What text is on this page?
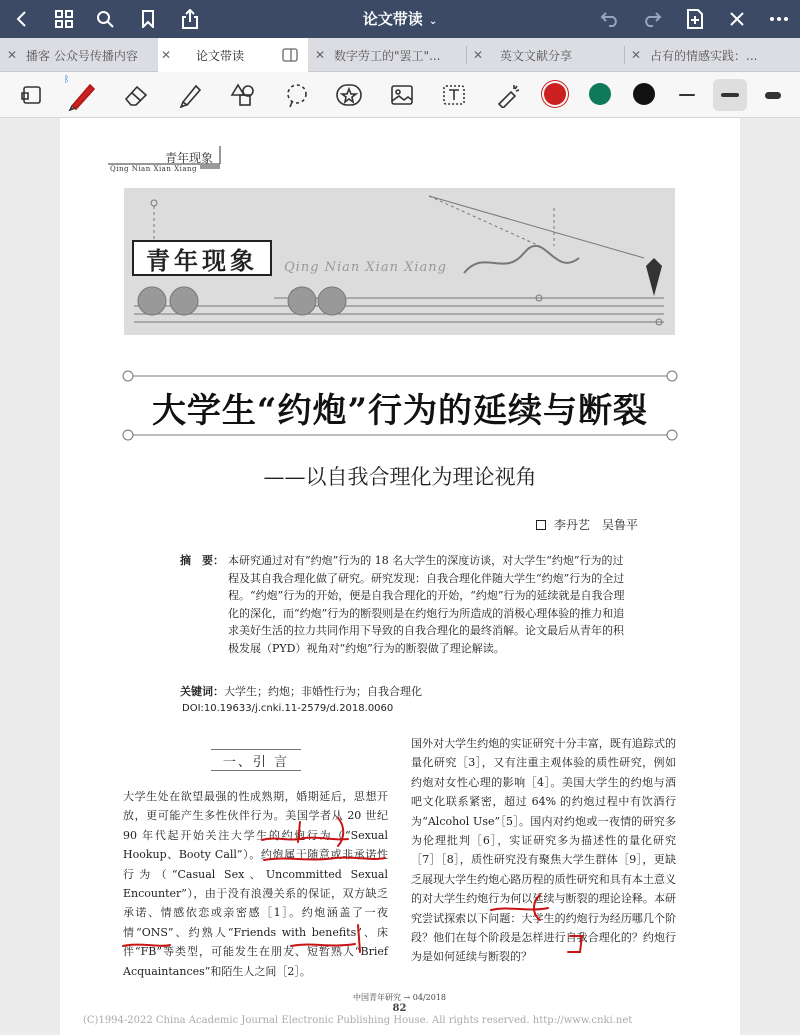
论文带读 ⌄
✕ 播客 公众号传播内容 ✕ 论文带读	✕ 数字劳工的"罢工"...	✕ 英文文献分享	✕ 占有的情感实践：...
ᛒ
青年现象
Qing Nian Xian Xiang
青年现象	Qing Nian Xian Xiang
大学生“约炮”行为的延续与断裂
——以自我合理化为理论视角
李丹艺　吴鲁平
摘　要： 本研究通过对有“约炮”行为的 18 名大学生的深度访谈，对大学生“约炮”行为的过程及其自我合理化做了研究。研究发现：自我合理化伴随大学生“约炮”行为的全过程。“约炮”行为的开始，便是自我合理化的开始，“约炮”行为的延续就是自我合理化的深化，而“约炮”行为的断裂则是在约炮行为所造成的消极心理体验的推力和追求美好生活的拉力共同作用下导致的自我合理化的最终消解。论文最后从青年的积极发展（PYD）视角对“约炮”行为的断裂做了理论解读。
关键词：大学生；约炮；非婚性行为；自我合理化
DOI:10.19633/j.cnki.11-2579/d.2018.0060
一、引 言
大学生处在欲望最强的性成熟期，婚期延后，思想开放，更可能产生多性伙伴行为。美国学者从 20 世纪 90 年代起开始关注大学生的约炮行为（“Sexual Hookup、Booty Call”）。约炮属于随意或非承诺性行为（“Casual Sex、Uncommitted Sexual Encounter”），由于没有浪漫关系的保证，双方缺乏承诺、情感依恋或亲密感［1］。约炮涵盖了一夜情“ONS”、约熟人“Friends with benefits”、床伴“FB”等类型，可能发生在朋友、短暂熟人“Brief Acquaintances”和陌生人之间［2］。
国外对大学生约炮的实证研究十分丰富，既有追踪式的量化研究［3］，又有注重主观体验的质性研究，例如约炮对女性心理的影响［4］。美国大学生的约炮与酒吧文化联系紧密，超过 64% 的约炮过程中有饮酒行为“Alcohol Use”［5］。国内对约炮或一夜情的研究多为伦理批判［6］，实证研究多为描述性的量化研究［7］［8］，质性研究没有聚焦大学生群体［9］，更缺乏展现大学生约炮心路历程的质性研究和具有本土意义的对大学生约炮行为何以延续与断裂的理论诠释。本研究尝试探索以下问题：大学生的约炮行为经历哪几个阶段？他们在每个阶段是怎样进行自我合理化的？约炮行为是如何延续与断裂的？
中国青年研究 → 04/2018
82
(C)1994-2022 China Academic Journal Electronic Publishing House. All rights reserved. http://www.cnki.net
